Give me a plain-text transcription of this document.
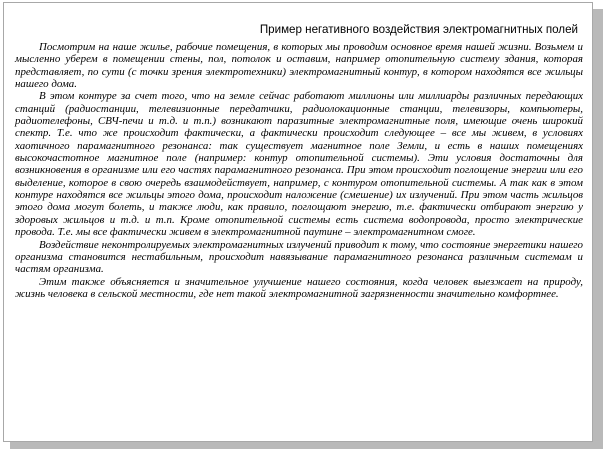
Пример негативного воздействия электромагнитных полей

Посмотрим на наше жилье, рабочие помещения, в которых мы проводим основное время нашей жизни. Возьмем и мысленно уберем в помещении стены, пол, потолок и оставим, например отопительную систему здания, которая представляет, по сути (с точки зрения электротехники) электромагнитный контур, в котором находятся все жильцы нашего дома.

В этом контуре за счет того, что на земле сейчас работают миллионы или миллиарды различных передающих станций (радиостанции, телевизионные передатчики, радиолокационные станции, телевизоры, компьютеры, радиотелефоны, СВЧ-печи и т.д. и т.п.) возникают паразитные электромагнитные поля, имеющие очень широкий спектр. Т.е. что же происходит фактически, а фактически происходит следующее – все мы живем, в условиях хаотичного парамагнитного резонанса: так существует магнитное поле Земли, и есть в наших помещениях высокочастотное магнитное поле (например: контур отопительной системы). Эти условия достаточны для возникновения в организме или его частях парамагнитного резонанса. При этом происходит поглощение энергии или его выделение, которое в свою очередь взаимодействует, например, с контуром отопительной системы. А так как в этом контуре находятся все жильцы этого дома, происходит наложение (смешение) их излучений. При этом часть жильцов этого дома могут болеть, и также люди, как правило, поглощают энергию, т.е. фактически отбирают энергию у здоровых жильцов и т.д. и т.п. Кроме отопительной системы есть система водопровода, просто электрические провода. Т.е. мы все фактически живем в электромагнитной паутине – электромагнитном смоге.

Воздействие неконтролируемых электромагнитных излучений приводит к тому, что состояние энергетики нашего организма становится нестабильным, происходит навязывание парамагнитного резонанса различным системам и частям организма.

Этим также объясняется и значительное улучшение нашего состояния, когда человек выезжает на природу, жизнь человека в сельской местности, где нет такой электромагнитной загрязненности значительно комфортнее.
